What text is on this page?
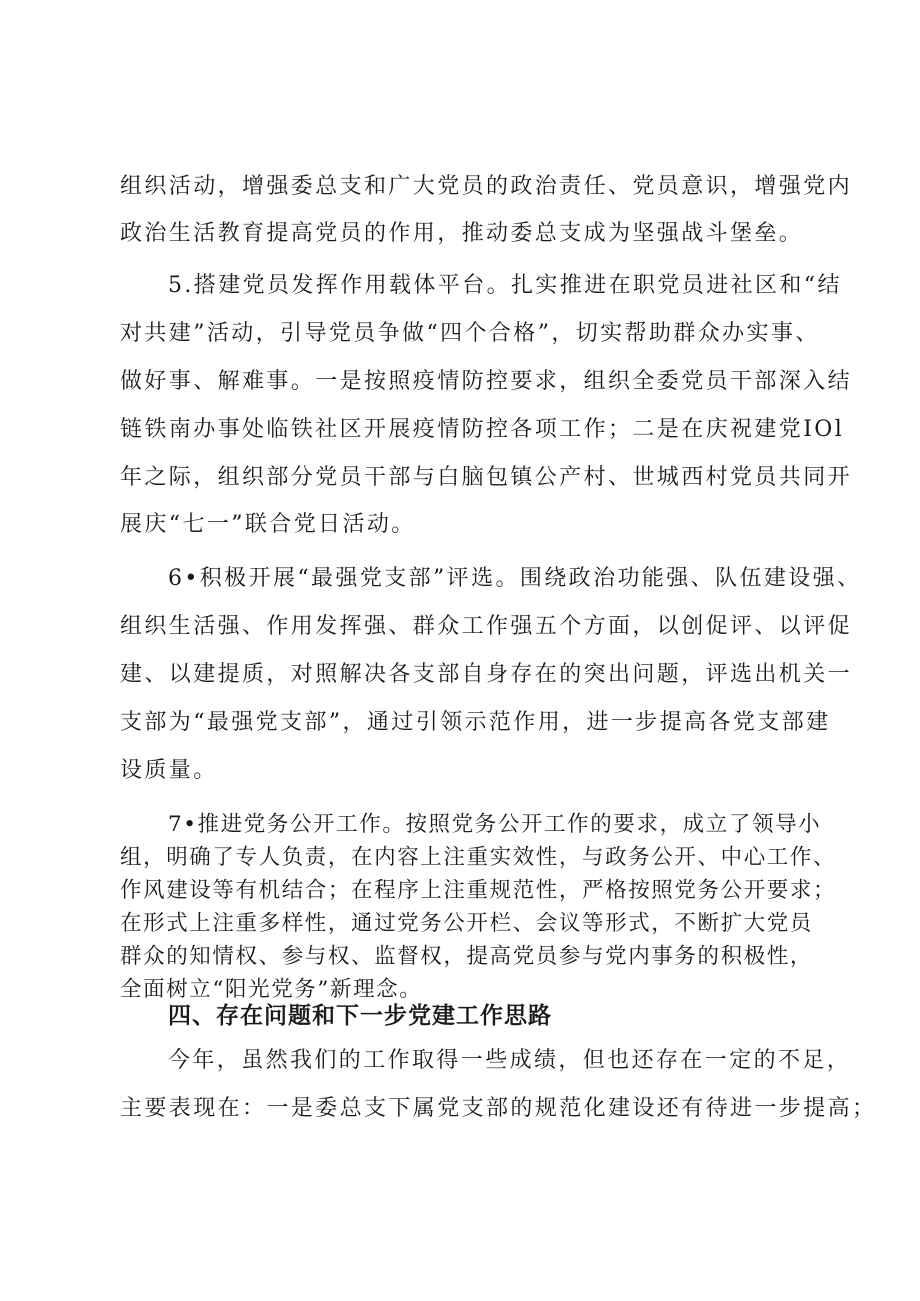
组织活动，增强委总支和广大党员的政治责任、党员意识，增强党内
政治生活教育提高党员的作用，推动委总支成为坚强战斗堡垒。
5.搭建党员发挥作用载体平台。扎实推进在职党员进社区和“结
对共建”活动，引导党员争做“四个合格”，切实帮助群众办实事、
做好事、解难事。一是按照疫情防控要求，组织全委党员干部深入结
链铁南办事处临铁社区开展疫情防控各项工作；二是在庆祝建党IOl
年之际，组织部分党员干部与白脑包镇公产村、世城西村党员共同开
展庆“七一”联合党日活动。
6•积极开展“最强党支部”评选。围绕政治功能强、队伍建设强、
组织生活强、作用发挥强、群众工作强五个方面，以创促评、以评促
建、以建提质，对照解决各支部自身存在的突出问题，评选出机关一
支部为“最强党支部”，通过引领示范作用，进一步提高各党支部建
设质量。
7•推进党务公开工作。按照党务公开工作的要求，成立了领导小
组，明确了专人负责，在内容上注重实效性，与政务公开、中心工作、
作风建设等有机结合；在程序上注重规范性，严格按照党务公开要求；
在形式上注重多样性，通过党务公开栏、会议等形式，不断扩大党员
群众的知情权、参与权、监督权，提高党员参与党内事务的积极性，
全面树立“阳光党务”新理念。
四、存在问题和下一步党建工作思路
今年，虽然我们的工作取得一些成绩，但也还存在一定的不足，
主要表现在：一是委总支下属党支部的规范化建设还有待进一步提高；
